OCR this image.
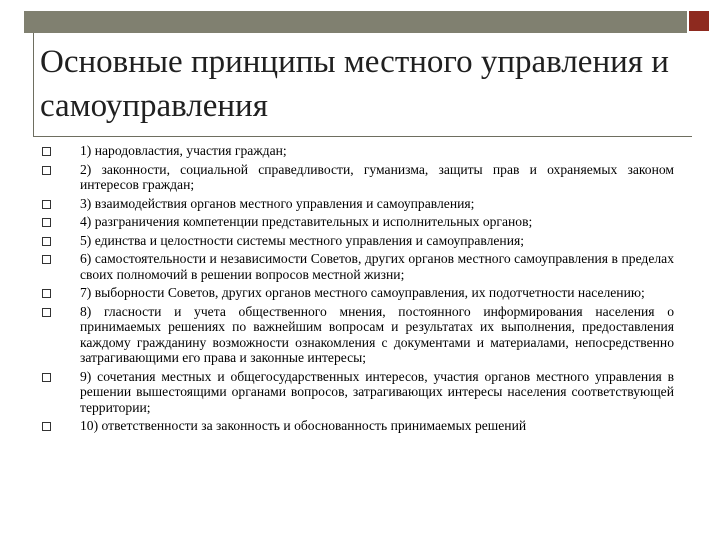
Основные принципы местного управления и самоуправления
1) народовластия, участия граждан;
2) законности, социальной справедливости, гуманизма, защиты прав и охраняемых законом интересов граждан;
3) взаимодействия органов местного управления и самоуправления;
4) разграничения компетенции представительных и исполнительных органов;
5) единства и целостности системы местного управления и самоуправления;
6) самостоятельности и независимости Советов, других органов местного самоуправления в пределах своих полномочий в решении вопросов местной жизни;
7) выборности Советов, других органов местного самоуправления, их подотчетности населению;
8) гласности и учета общественного мнения, постоянного информирования населения о принимаемых решениях по важнейшим вопросам и результатах их выполнения, предоставления каждому гражданину возможности ознакомления с документами и материалами, непосредственно затрагивающими его права и законные интересы;
9) сочетания местных и общегосударственных интересов, участия органов местного управления в решении вышестоящими органами вопросов, затрагивающих интересы населения соответствующей территории;
10) ответственности за законность и обоснованность принимаемых решений
